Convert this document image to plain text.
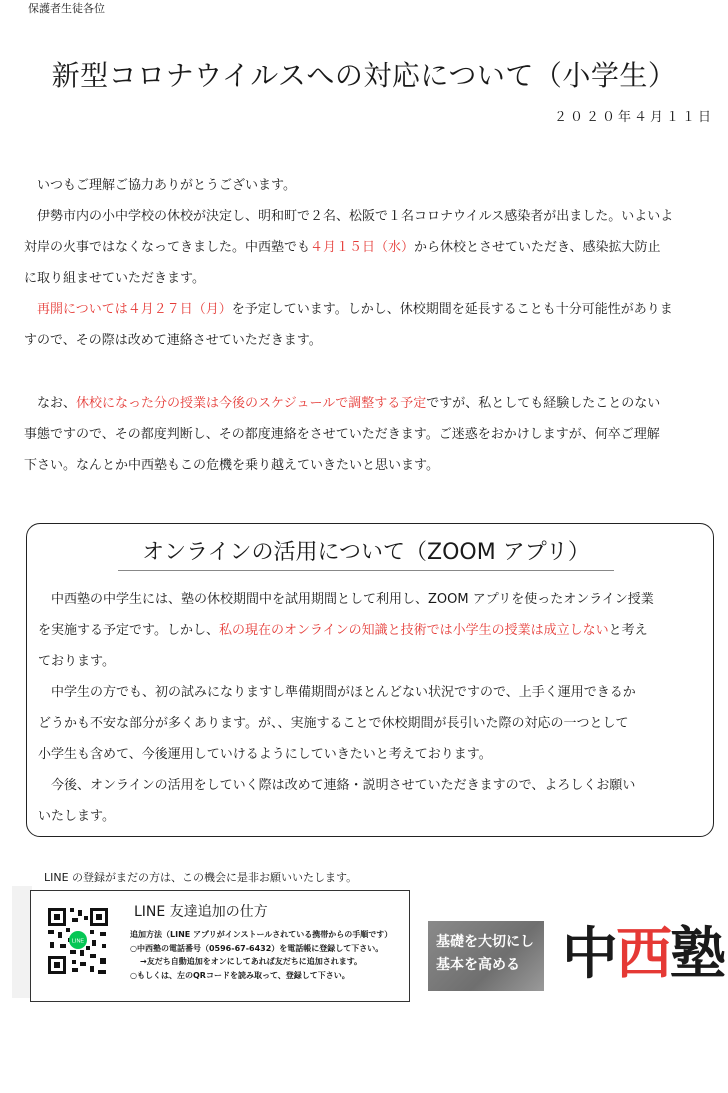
保護者生徒各位
新型コロナウイルスへの対応について（小学生）
２０２０年４月１１日
いつもご理解ご協力ありがとうございます。
伊勢市内の小中学校の休校が決定し、明和町で２名、松阪で１名コロナウイルス感染者が出ました。いよいよ
対岸の火事ではなくなってきました。中西塾でも４月１５日（水）から休校とさせていただき、感染拡大防止
に取り組ませていただきます。
再開については４月２７日（月）を予定しています。しかし、休校期間を延長することも十分可能性がありま
すので、その際は改めて連絡させていただきます。
なお、休校になった分の授業は今後のスケジュールで調整する予定ですが、私としても経験したことのない
事態ですので、その都度判断し、その都度連絡をさせていただきます。ご迷惑をおかけしますが、何卒ご理解
下さい。なんとか中西塾もこの危機を乗り越えていきたいと思います。
オンラインの活用について（ZOOM アプリ）
中西塾の中学生には、塾の休校期間中を試用期間として利用し、ZOOM アプリを使ったオンライン授業
を実施する予定です。しかし、私の現在のオンラインの知識と技術では小学生の授業は成立しないと考え
ております。
中学生の方でも、初の試みになりますし準備期間がほとんどない状況ですので、上手く運用できるか
どうかも不安な部分が多くあります。が、、実施することで休校期間が長引いた際の対応の一つとして
小学生も含めて、今後運用していけるようにしていきたいと考えております。
今後、オンラインの活用をしていく際は改めて連絡・説明させていただきますので、よろしくお願い
いたします。
LINE の登録がまだの方は、この機会に是非お願いいたします。
LINE
LINE 友達追加の仕方
追加方法（LINE アプリがインストールされている携帯からの手順です）
○中西塾の電話番号（0596-67-6432）を電話帳に登録して下さい。
→友だち自動追加をオンにしてあれば友だちに追加されます。
○もしくは、左のQRコードを読み取って、登録して下さい。
基礎を大切にし
基本を高める 中西塾
